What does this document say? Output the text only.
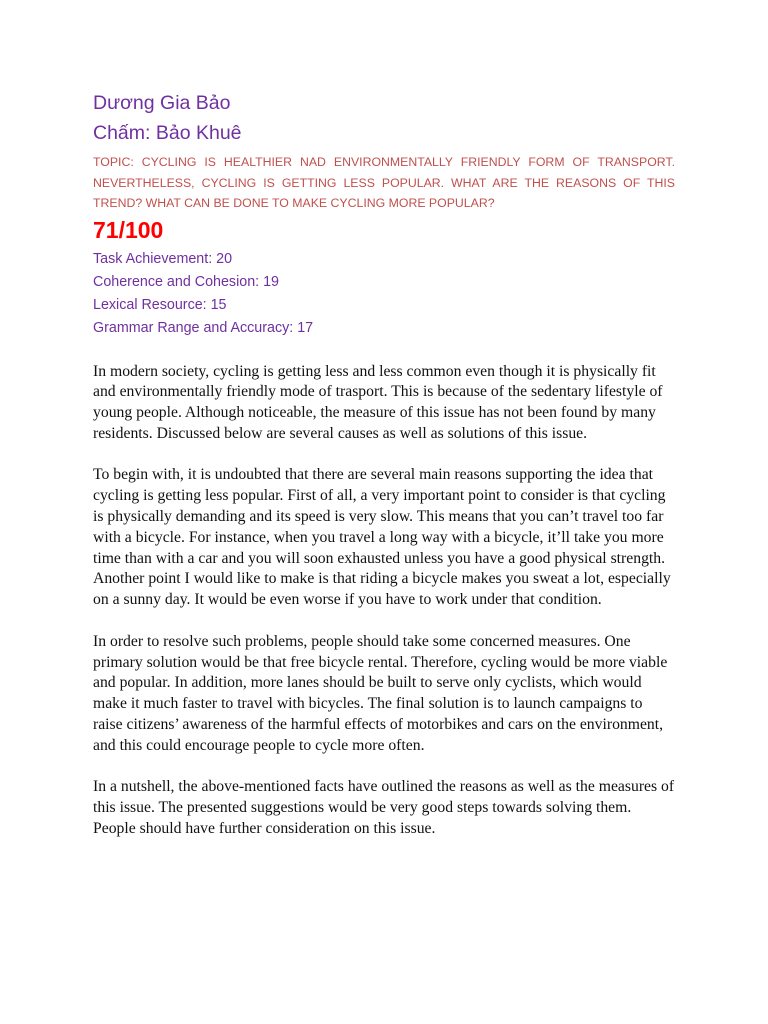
Dương Gia Bảo

Chấm: Bảo Khuê

TOPIC: CYCLING IS HEALTHIER NAD ENVIRONMENTALLY FRIENDLY FORM OF TRANSPORT. NEVERTHELESS, CYCLING IS GETTING LESS POPULAR. WHAT ARE THE REASONS OF THIS TREND? WHAT CAN BE DONE TO MAKE CYCLING MORE POPULAR?

71/100

Task Achievement: 20
Coherence and Cohesion: 19
Lexical Resource: 15
Grammar Range and Accuracy: 17

In modern society, cycling is getting less and less common even though it is physically fit and environmentally friendly mode of trasport. This is because of the sedentary lifestyle of young people. Although noticeable, the measure of this issue has not been found by many residents. Discussed below are several causes as well as solutions of this issue.

To begin with, it is undoubted that there are several main reasons supporting the idea that cycling is getting less popular. First of all, a very important point to consider is that cycling is physically demanding and its speed is very slow. This means that you can’t travel too far with a bicycle. For instance, when you travel a long way with a bicycle, it’ll take you more time than with a car and you will soon exhausted unless you have a good physical strength. Another point I would like to make is that riding a bicycle makes you sweat a lot, especially on a sunny day. It would be even worse if you have to work under that condition.

In order to resolve such problems, people should take some concerned measures. One primary solution would be that free bicycle rental. Therefore, cycling would be more viable and popular. In addition, more lanes should be built to serve only cyclists, which would make it much faster to travel with bicycles. The final solution is to launch campaigns to raise citizens’ awareness of the harmful effects of motorbikes and cars on the environment, and this could encourage people to cycle more often.

In a nutshell, the above-mentioned facts have outlined the reasons as well as the measures of this issue. The presented suggestions would be very good steps towards solving them. People should have further consideration on this issue.
